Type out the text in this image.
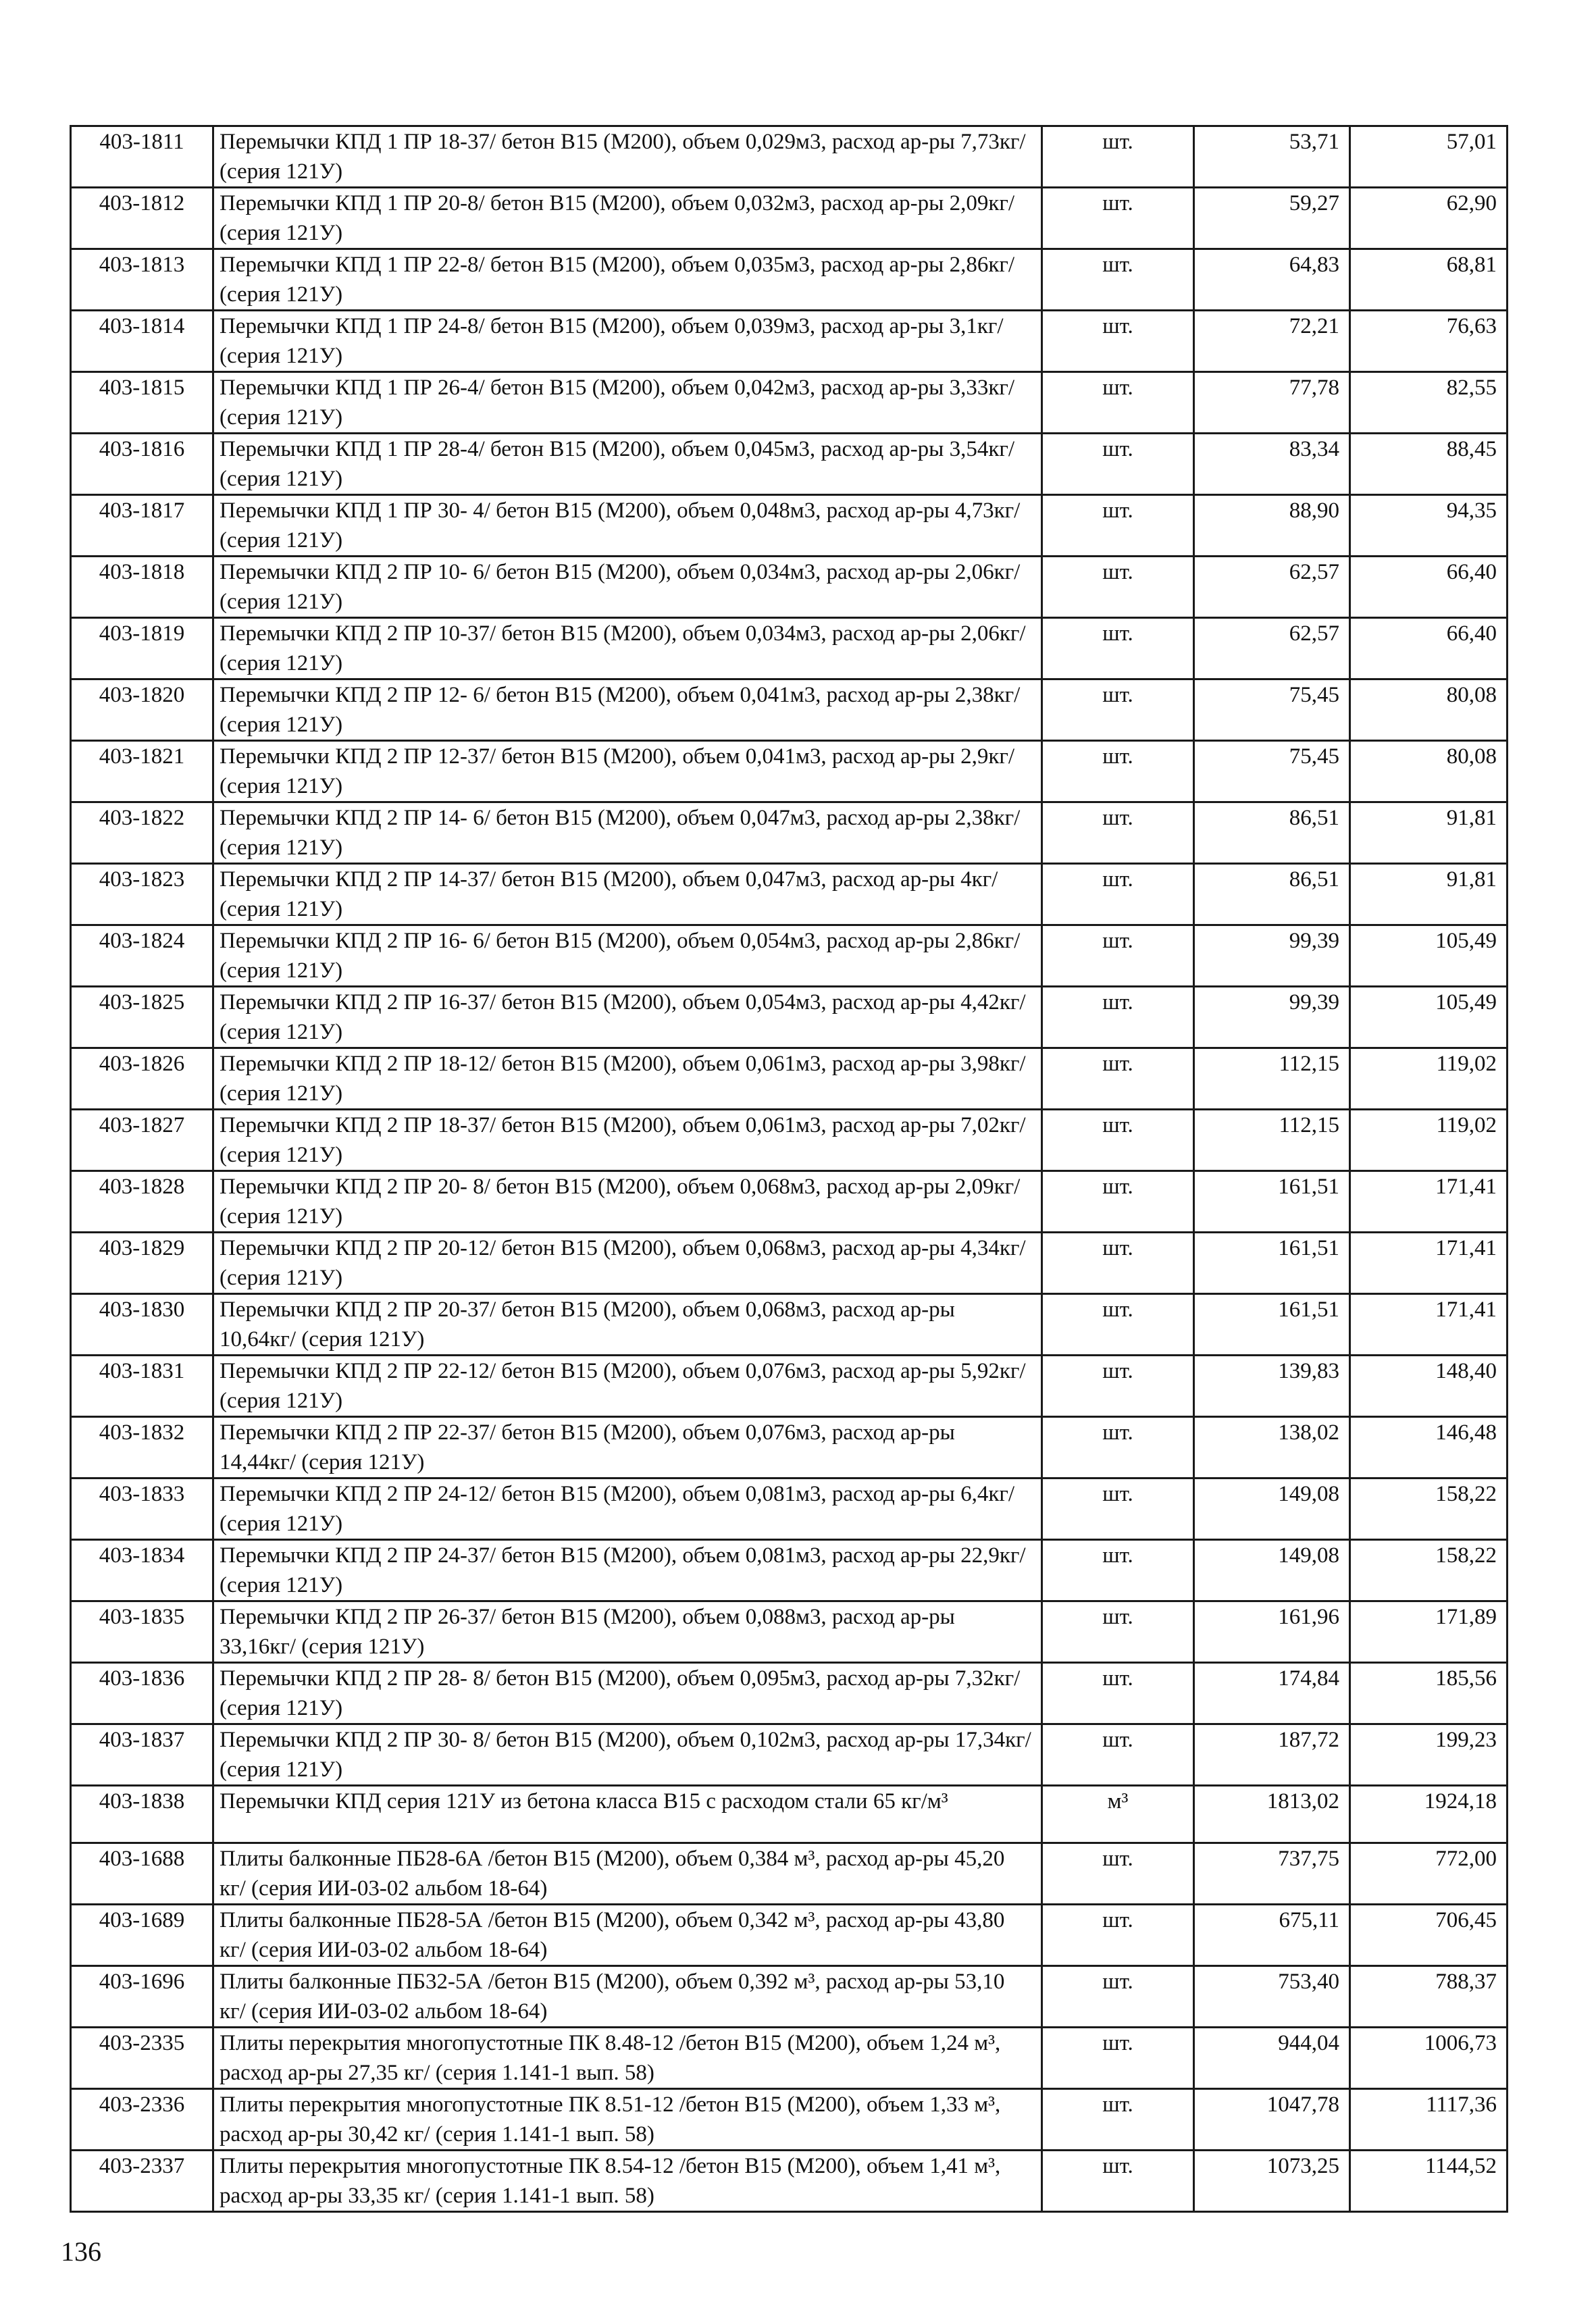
403-1811	Перемычки КПД 1 ПР 18-37/ бетон B15 (M200), объем 0,029м3, расход ар-ры 7,73кг/ (серия 121У)	шт.	53,71	57,01
403-1812	Перемычки КПД 1 ПР 20-8/ бетон B15 (M200), объем 0,032м3, расход ар-ры 2,09кг/ (серия 121У)	шт.	59,27	62,90
403-1813	Перемычки КПД 1 ПР 22-8/ бетон B15 (M200), объем 0,035м3, расход ар-ры 2,86кг/ (серия 121У)	шт.	64,83	68,81
403-1814	Перемычки КПД 1 ПР 24-8/ бетон B15 (M200), объем 0,039м3, расход ар-ры 3,1кг/ (серия 121У)	шт.	72,21	76,63
403-1815	Перемычки КПД 1 ПР 26-4/ бетон B15 (M200), объем 0,042м3, расход ар-ры 3,33кг/ (серия 121У)	шт.	77,78	82,55
403-1816	Перемычки КПД 1 ПР 28-4/ бетон B15 (M200), объем 0,045м3, расход ар-ры 3,54кг/ (серия 121У)	шт.	83,34	88,45
403-1817	Перемычки КПД 1 ПР 30- 4/ бетон B15 (M200), объем 0,048м3, расход ар-ры 4,73кг/ (серия 121У)	шт.	88,90	94,35
403-1818	Перемычки КПД 2 ПР 10- 6/ бетон B15 (M200), объем 0,034м3, расход ар-ры 2,06кг/ (серия 121У)	шт.	62,57	66,40
403-1819	Перемычки КПД 2 ПР 10-37/ бетон B15 (M200), объем 0,034м3, расход ар-ры 2,06кг/ (серия 121У)	шт.	62,57	66,40
403-1820	Перемычки КПД 2 ПР 12- 6/ бетон B15 (M200), объем 0,041м3, расход ар-ры 2,38кг/ (серия 121У)	шт.	75,45	80,08
403-1821	Перемычки КПД 2 ПР 12-37/ бетон B15 (M200), объем 0,041м3, расход ар-ры 2,9кг/ (серия 121У)	шт.	75,45	80,08
403-1822	Перемычки КПД 2 ПР 14- 6/ бетон B15 (M200), объем 0,047м3, расход ар-ры 2,38кг/ (серия 121У)	шт.	86,51	91,81
403-1823	Перемычки КПД 2 ПР 14-37/ бетон B15 (M200), объем 0,047м3, расход ар-ры 4кг/ (серия 121У)	шт.	86,51	91,81
403-1824	Перемычки КПД 2 ПР 16- 6/ бетон B15 (M200), объем 0,054м3, расход ар-ры 2,86кг/ (серия 121У)	шт.	99,39	105,49
403-1825	Перемычки КПД 2 ПР 16-37/ бетон B15 (M200), объем 0,054м3, расход ар-ры 4,42кг/ (серия 121У)	шт.	99,39	105,49
403-1826	Перемычки КПД 2 ПР 18-12/ бетон B15 (M200), объем 0,061м3, расход ар-ры 3,98кг/ (серия 121У)	шт.	112,15	119,02
403-1827	Перемычки КПД 2 ПР 18-37/ бетон B15 (M200), объем 0,061м3, расход ар-ры 7,02кг/ (серия 121У)	шт.	112,15	119,02
403-1828	Перемычки КПД 2 ПР 20- 8/ бетон B15 (M200), объем 0,068м3, расход ар-ры 2,09кг/ (серия 121У)	шт.	161,51	171,41
403-1829	Перемычки КПД 2 ПР 20-12/ бетон B15 (M200), объем 0,068м3, расход ар-ры 4,34кг/ (серия 121У)	шт.	161,51	171,41
403-1830	Перемычки КПД 2 ПР 20-37/ бетон B15 (M200), объем 0,068м3, расход ар-ры 10,64кг/ (серия 121У)	шт.	161,51	171,41
403-1831	Перемычки КПД 2 ПР 22-12/ бетон B15 (M200), объем 0,076м3, расход ар-ры 5,92кг/ (серия 121У)	шт.	139,83	148,40
403-1832	Перемычки КПД 2 ПР 22-37/ бетон B15 (M200), объем 0,076м3, расход ар-ры 14,44кг/ (серия 121У)	шт.	138,02	146,48
403-1833	Перемычки КПД 2 ПР 24-12/ бетон B15 (M200), объем 0,081м3, расход ар-ры 6,4кг/ (серия 121У)	шт.	149,08	158,22
403-1834	Перемычки КПД 2 ПР 24-37/ бетон B15 (M200), объем 0,081м3, расход ар-ры 22,9кг/ (серия 121У)	шт.	149,08	158,22
403-1835	Перемычки КПД 2 ПР 26-37/ бетон B15 (M200), объем 0,088м3, расход ар-ры 33,16кг/ (серия 121У)	шт.	161,96	171,89
403-1836	Перемычки КПД 2 ПР 28- 8/ бетон B15 (M200), объем 0,095м3, расход ар-ры 7,32кг/ (серия 121У)	шт.	174,84	185,56
403-1837	Перемычки КПД 2 ПР 30- 8/ бетон B15 (M200), объем 0,102м3, расход ар-ры 17,34кг/ (серия 121У)	шт.	187,72	199,23
403-1838	Перемычки КПД серия 121У из бетона класса B15 с расходом стали 65 кг/м³	м³	1813,02	1924,18
403-1688	Плиты балконные ПБ28-6А /бетон B15 (M200), объем 0,384 м³, расход ар-ры 45,20 кг/ (серия ИИ-03-02 альбом 18-64)	шт.	737,75	772,00
403-1689	Плиты балконные ПБ28-5А /бетон B15 (M200), объем 0,342 м³, расход ар-ры 43,80 кг/ (серия ИИ-03-02 альбом 18-64)	шт.	675,11	706,45
403-1696	Плиты балконные ПБ32-5А /бетон B15 (M200), объем 0,392 м³, расход ар-ры 53,10 кг/ (серия ИИ-03-02 альбом 18-64)	шт.	753,40	788,37
403-2335	Плиты перекрытия многопустотные ПК 8.48-12 /бетон B15 (M200), объем 1,24 м³, расход ар-ры 27,35 кг/ (серия 1.141-1 вып. 58)	шт.	944,04	1006,73
403-2336	Плиты перекрытия многопустотные ПК 8.51-12 /бетон B15 (M200), объем 1,33 м³, расход ар-ры 30,42 кг/ (серия 1.141-1 вып. 58)	шт.	1047,78	1117,36
403-2337	Плиты перекрытия многопустотные ПК 8.54-12 /бетон B15 (M200), объем 1,41 м³, расход ар-ры 33,35 кг/ (серия 1.141-1 вып. 58)	шт.	1073,25	1144,52
136
